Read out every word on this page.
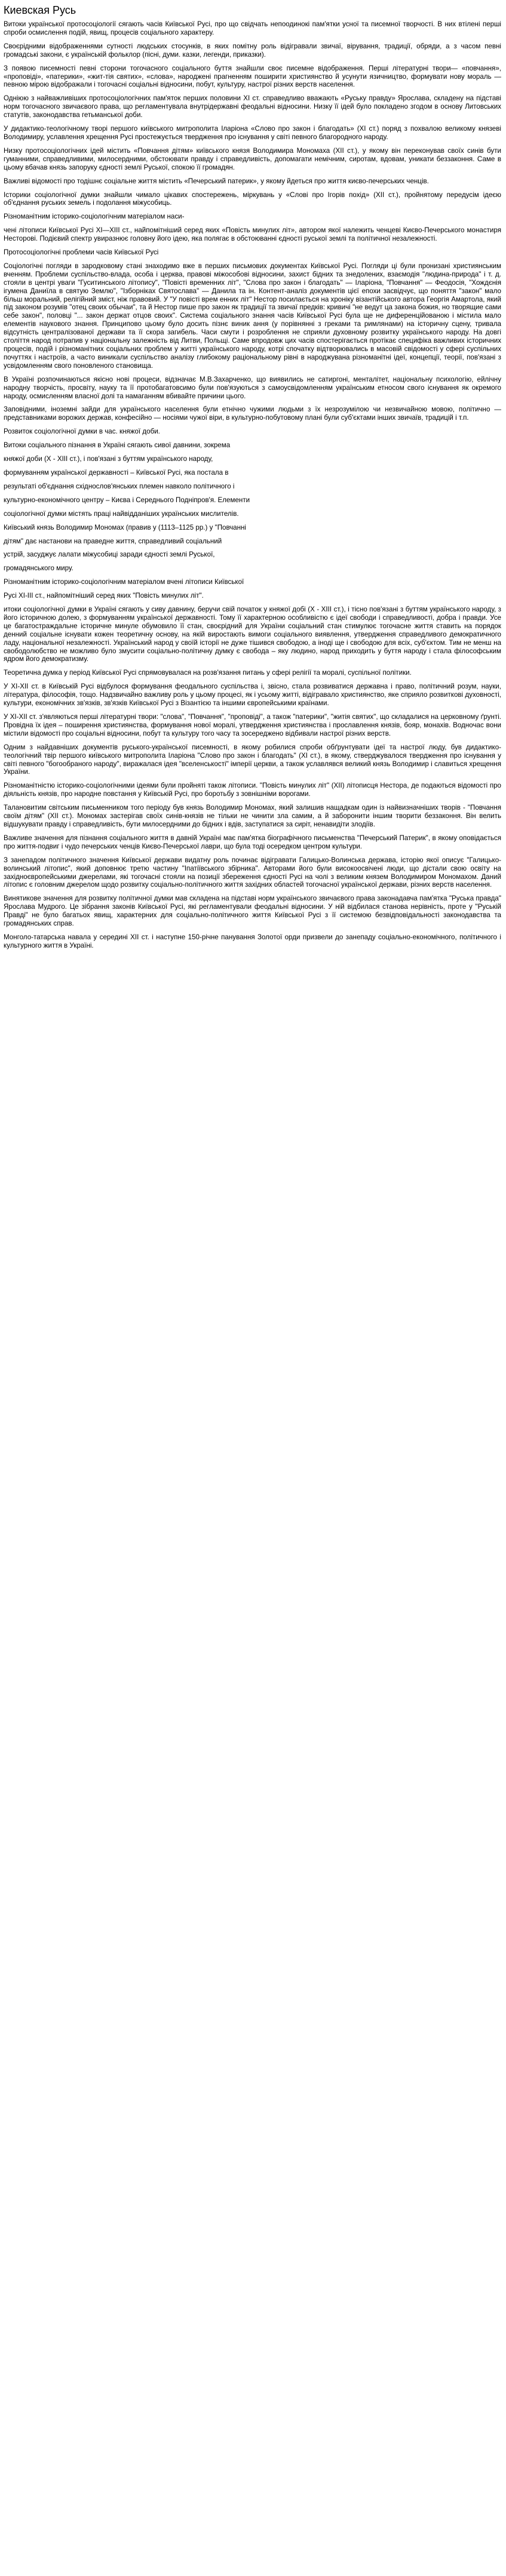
Киевская Русь

Витоки української протосоціології сягають часів Київської Русі, про що свідчать непоодинокі пам'ятки усної та писемної творчості. В них втілені перші спроби осмислення подій, явищ, процесів соціального характеру.

Своєрідними відображеннями сутності людських стосунків, в яких помітну роль відігравали звичаї, вірування, традиції, обряди, а з часом певні громадські закони, є українській фольклор (пісні, думи. казки, легенди, приказки).

З появою писемності певні сторони тогочасного соціального буття знайшли своє писемне відображення. Перші літературні твори— «повчання», «проповіді», «патерики», «жит-тія святих», «слова», народжені прагненням поширити християнство й усунути язичництво, формувати нову мораль — певною мірою відображали і тогочасні соціальні відносини, побут, культуру, настрої різних верств населення.

Одніюю з найважливіших протосоціологічних пам'яток перших половини XI ст. справедливо вважають «Руську правду» Ярослава, складену на підставі норм тогочасного звичаєвого права, що регламентувала внутрідержавні феодальні відносини. Низку її ідей було покладено згодом в основу Литовських статутів, законодавства гетьманської доби.

У дидактико-теологічному творі першого київського митрополита Іларіона «Слово про закон і благодать» (XI ст.) поряд з похвалою великому князеві Володимиру, уславлення хрещення Русі простежується твердження про існування у світі певного благородного народу.

Низку протосоціологічних ідей містить «Повчання дітям» київського князя Володимира Мономаха (XII ст.), у якому він переконував своїх синів бути гуманними, справедливими, милосердними, обстоювати правду і справедливість, допомагати немічним, сиротам, вдовам, уникати беззаконня. Саме в цьому вбачав князь запоруку єдності землі Руської, спокою її громадян.

Важливі відомості про тодішнє соціальне життя містить «Печерський патерик», у якому йдеться про життя києво-печерських ченців.

Історики соціологічної думки знайшли чимало цікавих спостережень, міркувань у «Слові про Ігорів похід» (XII ст.), пройнятому передусім ідеєю об'єднання руських земель і подолання міжусобиць.

Різноманітним історико-соціологічним матеріалом наси-

чені літописи Київської Русі XI—XIII ст., найпомітніший серед яких «Повість минулих літ», автором якої належить ченцеві Києво-Печерського монастиря Несторові. Подієвий спектр увиразнює головну його ідею, яка полягає в обстоюванні єдності руської землі та політичної незалежності.

Протосоціологічні проблеми часів Київської Русі

Соціологічні погляди в зародковому стані знаходимо вже в перших письмових документах Київської Русі. Погляди ці були пронизані християнським вченням. Проблеми суспільство-влада, особа і церква, правові міжособові відносини, захист бідних та знедолених, взаємодія "людина-природа" і т. д. стояли в центрі уваги "Гуситинського літопису", "Повісті временних літ", "Слова про закон і благодать" — Іларіона, "Повчання" — Феодосія, "Хождєнія ігумена Даниїла в святую Землю", "Ізборніках Святослава" — Данила та ін. Контент-аналіз документів цієї епохи засвідчує, що поняття "закон" мало більш моральний, релігійний зміст, ніж правовий. У "У повісті врем енних літ" Нестор посилається на хроніку візантійського автора Георгія Амартола, який під законом розумів "отец своих обычаи", та й Нестор пише про закон як традиції та звичаї предків: кривичі "не ведут ца закона божия, но творящие сами себе закон", половці "... закон держат отцов своих". Система соціального знання часів Київської Русі була ще не диференційованою і містила мало елементів наукового знання. Принципово цьому було досить пізнє виник ання (у порівнянні з греками та римлянами) на історичну сцену, тривала відсутність централізованої держави та її скора загибель. Часи смути і розроблення не сприяли духовному розвитку українського народу. На довгі століття народ потрапив у національну залежність від Литви, Польщі. Саме впродовж цих часів спостерігається протікає специфіка важливих історичних процесів, подій і різноманітних соціальних проблем у житті українського народу, котрі спочатку відтворювались в масовій свідомості у сфері суспільних почуттях і настроїв, а часто виникали суспільство аналізу глибокому раціональному рівні в народжувана різноманітні ідеї, концепції, теорії, пов'язані з усвідомленням свого поновленого становища.

В Україні розпочинаються якісно нові процеси, відзначає М.В.Захарченко, що виявились не сатиргоні, менталітет, національну психологію, ейлічну народну творчість, просвіту, науку та її протобагатовсимо були пов'язуються з самоусвідомленням українським етносом свого існування як окремого народу, осмисленням власної долі та намаганням вбивайте причини цього.

Заповідними, іноземні зайди для українського населення були етнічно чужими людьми з їх незрозумілою чи незвичайною мовою, політично — представниками ворожих держав, конфесійно — носіями чужої віри, в культурно-побутовому плані були суб'єктами інших звичаїв, традицій і т.п.

Розвиток соціологічної думки в час. княжої доби.

Витоки соціального пізнання в Україні сягають сивої давнини, зокрема

княжої доби (Х - ХІІІ ст.), і пов'язані з буттям українського народу,

формуванням української державності – Київської Русі, яка постала в

результаті об'єднання східнослов'янських племен навколо політичного і

культурно-економічного центру – Києва і Середнього Подніпров'я. Елементи

соціологічної думки містять праці найвідданіших українських мислителів.

Київський князь Володимир Мономах (правив у (1113–1125 рр.) у "Повчанні

дітям" дає настанови на праведне життя, справедливий соціальний

устрій, засуджує лалати міжусобиці заради єдності землі Руської,

громадянського миру.

Різноманітним історико-соціологічним матеріалом вчені літописи Київської

Русі ХІ-ІІІ ст., найпомітніший серед яких "Повість минулих літ".

итоки соціологічної думки в Україні сягають у сиву давнину, беручи свій початок у княжої добі (Х - ХІІІ ст.), і тісно пов'язані з буттям українського народу, з його історичною долею, з формуванням української державності. Тому її характерною особливістю є ідеї свободи і справедливості, добра і правди. Усе це багатостраждальне історичне минуле обумовило її стан, своєрідний для України соціальний стан стимулює тогочасне життя ставить на порядок денний соціальне існувати кожен теоретичну основу, на якій виростають вимоги соціального виявлення, утвердження справедливого демократичного ладу, національної незалежності. Український народ у своїй історії не дуже тішився свободою, а іноді ще і свободою для всіх, суб'єктом. Тим не менш на свободолюбство не можливо було змусити соціально-політичну думку є свобода – яку людино, народ приходить у буття народу і стала філософським ядром його демократизму.

Теоретична думка у період Київської Русі спрямовувалася на розв'язання питань у сфері релігії та моралі, суспільної політики.

У ХІ-ХІІ ст. в Київській Русі відбулося формування феодального суспільства і, звісно, стала розвиватися державна і право, політичний розум, науки, література, філософія, тощо. Надзвичайно важливу роль у цьому процесі, як і усьому житті, відігравало християнство, яке сприяло розвиткові духовності, культури, економічних зв'язків, зв'язків Київської Русі з Візантією та іншими європейськими країнами.

У ХІ-ХІІ ст. з'являються перші літературні твори: "слова", "Повчання", "проповіді", а також "патерики", "житія святих", що складалися на церковному ґрунті. Провідна їх ідея – поширення християнства, формування нової моралі, утвердження християнства і прославлення князів, бояр, монахів. Водночас вони містили відомості про соціальні відносини, побут та культуру того часу та зосереджено відбивали настрої різних верств.

Одним з найдавніших документів руського-української писемності, в якому робилися спроби обґрунтувати ідеї та настрої люду, був дидактико-теологічний твір першого київського митрополита Іларіона "Слово про закон і благодать" (ХІ ст.), в якому, стверджувалося твердження про існування у світі певного "богообраного народу", виражалася ідея "вселенськості" імперії церкви, а також уславлявся великий князь Володимир і славиться хрещення України.

Різноманітністю історико-соціологічними ідеями були пройняті також літописи. "Повість минулих літ" (ХІІ) літописця Нестора, де подаються відомості про діяльність князів, про народне повстання у Київській Русі, про боротьбу з зовнішніми ворогами.

Талановитим світським письменником того періоду був князь Володимир Мономах, який залишив нащадкам один із найвизначніших творів - "Повчання своїм дітям" (ХІІ ст.). Мономах застерігав своїх синів-князів не тільки не чинити зла самим, а й заборонити іншим творити беззаконня. Він велить відшукувати правду і справедливість, бути милосердними до бідних і вдів, заступатися за сиріт, ненавидіти злодіїв.

Важливе значення для пізнання соціального життя в давній Україні має пам'ятка біографічного письменства "Печерський Патерик", в якому оповідається про життя-подвиг і чудо печерських ченців Києво-Печерської лаври, що була тоді осередком центром культури.

З занепадом політичного значення Київської держави видатну роль починає відігравати Галицько-Волинська держава, історію якої описує "Галицько-волинський літопис", який доповнює третю частину "Іпатіївського збірника". Авторами його були високоосвічені люди, що дістали свою освіту на західноєвропейськими джерелами, які тогочасні стояли на позиції збереження єдності Русі на чолі з великим князем Володимиром Мономахом. Даний літопис є головним джерелом щодо розвитку соціально-політичного життя західних областей тогочасної української держави, різних верств населення.

Винятикове значення для розвитку політичної думки мав складена на підставі норм українського звичаєвого права законадавча пам'ятка "Руська правда" Ярослава Мудрого. Це зібрання законів Київської Русі, які регламентували феодальні відносини. У ній відбилася станова нерівність, проте у "Руській Правді" не було багатьох явищ, характерних для соціально-політичного життя Київської Русі з її системою безвідповідальності законодавства та громадянських справ.

Монголо-татарська навала у середині ХІІ ст. і наступне 150-річне панування Золотої орди призвели до занепаду соціально-економічного, політичного і культурного життя в Україні.
